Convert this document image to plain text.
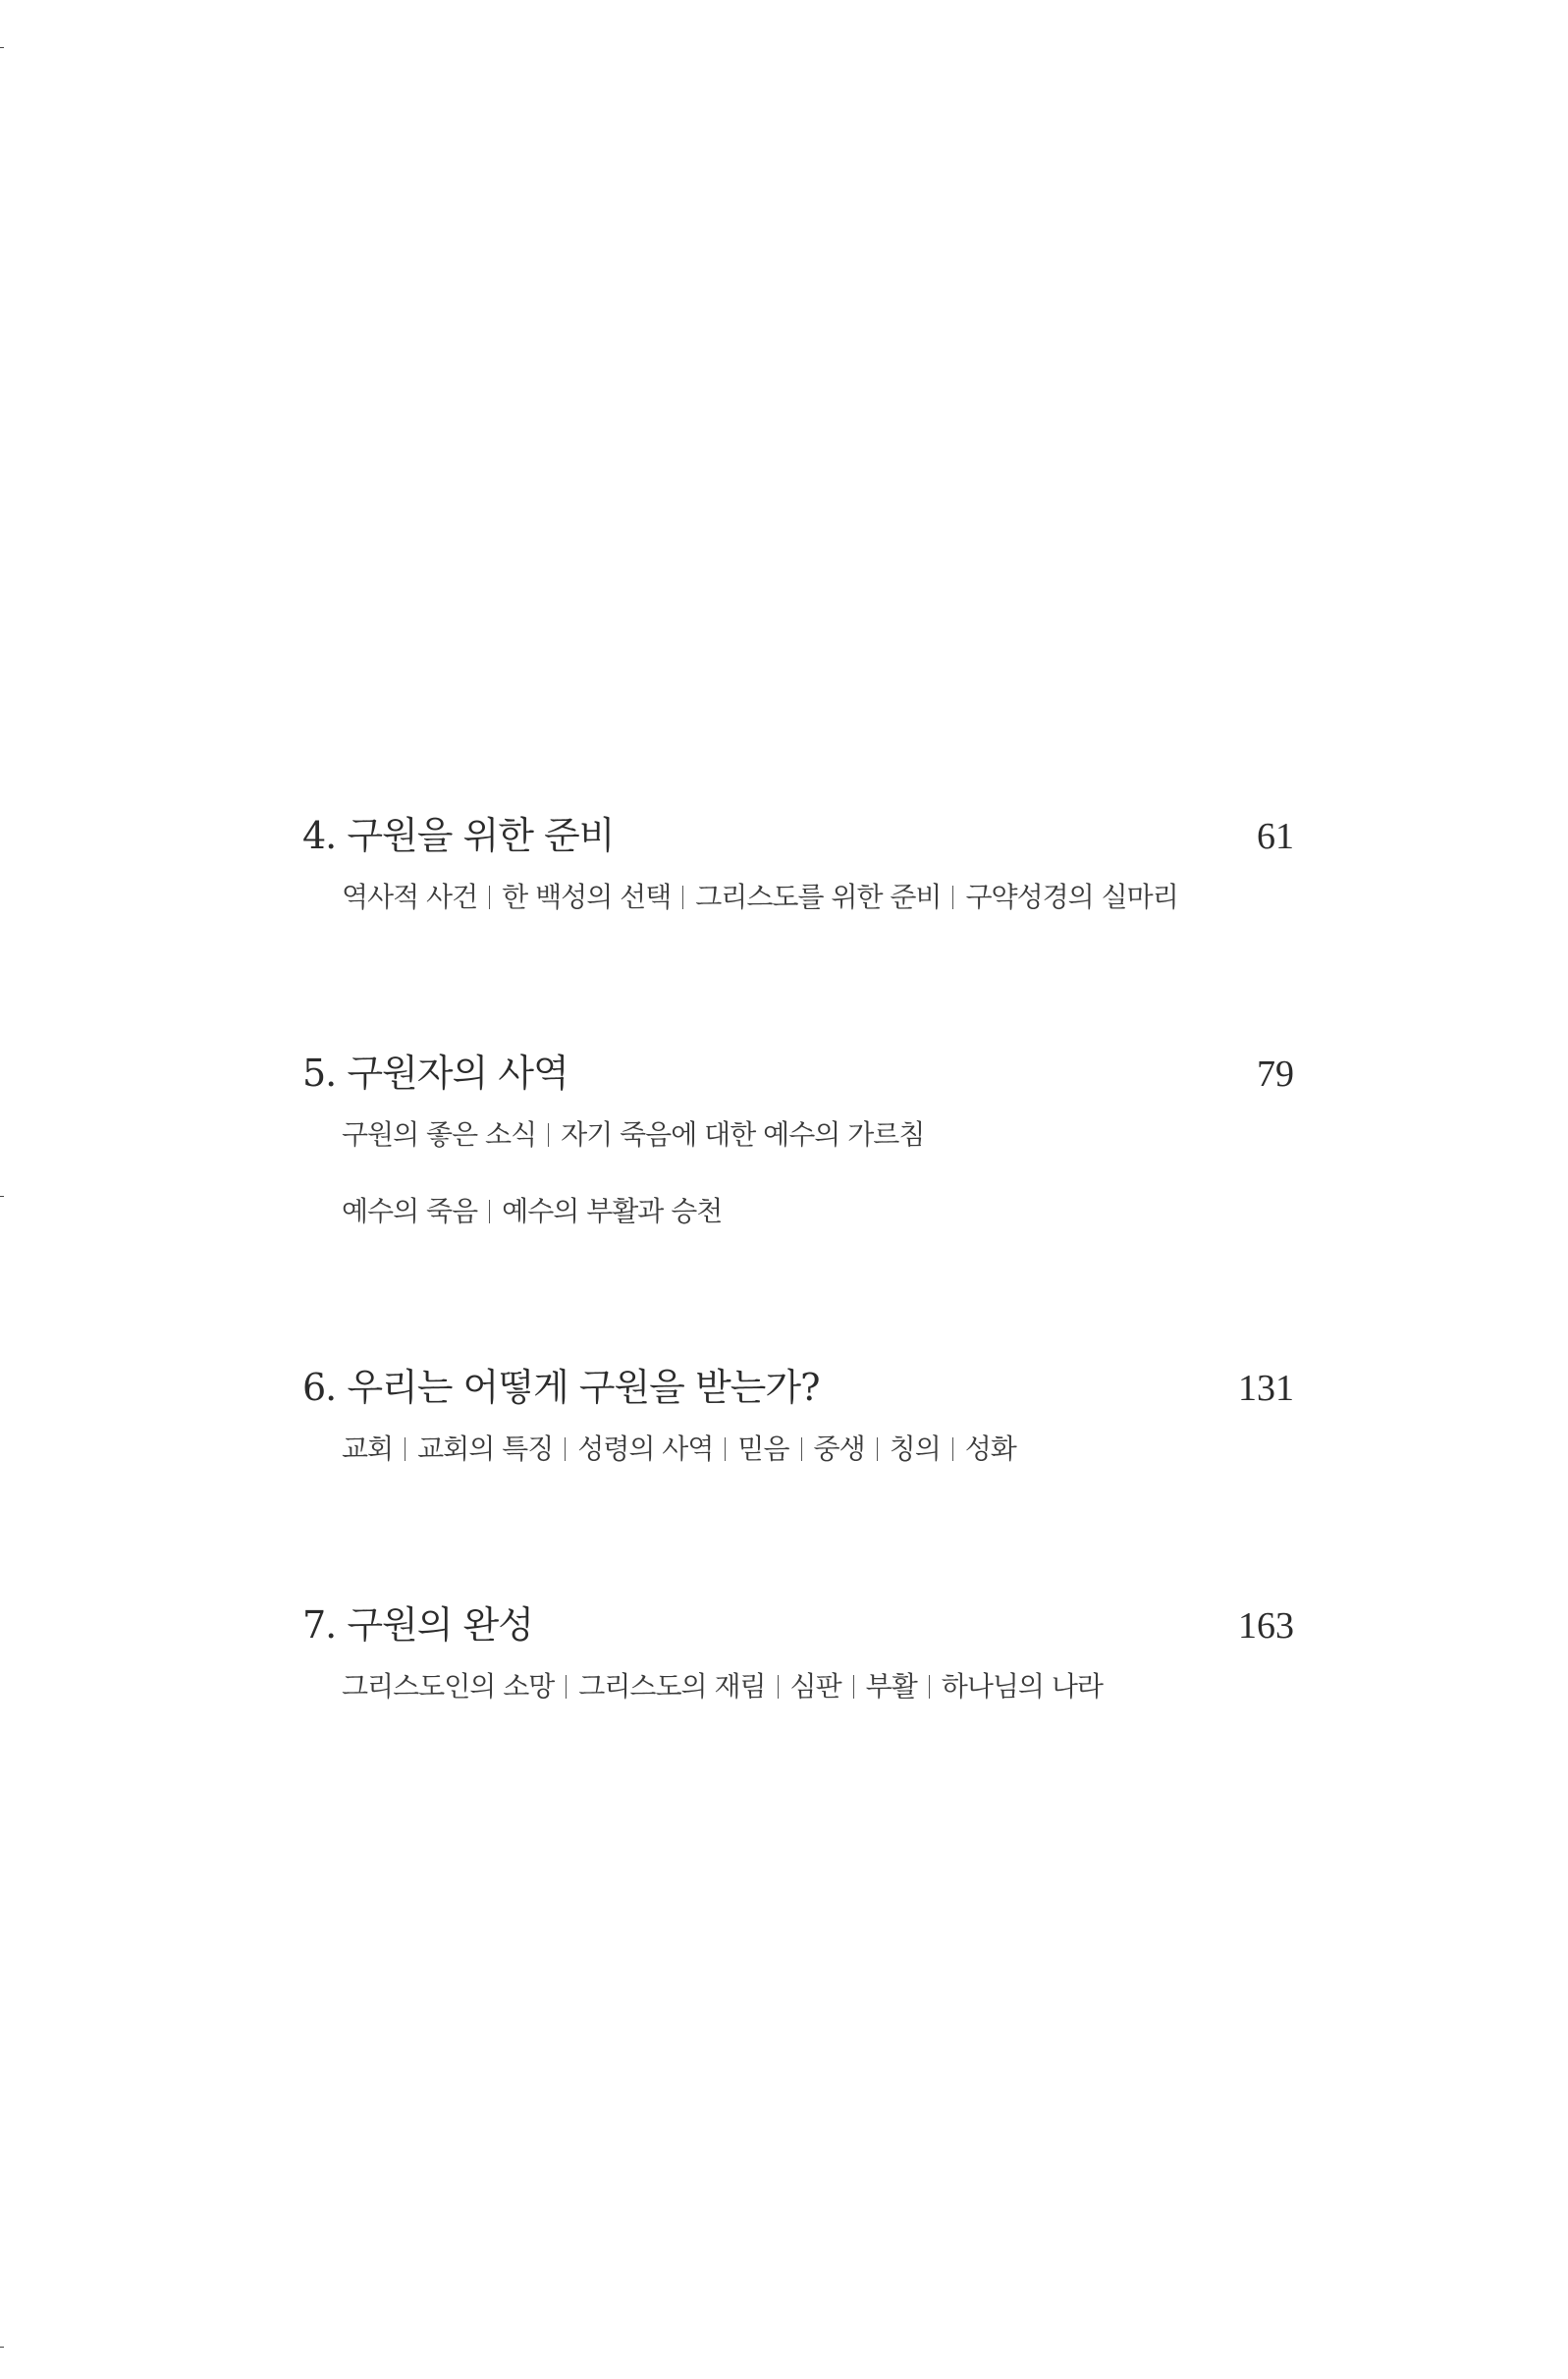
4. 구원을 위한 준비	61
역사적 사건 한 백성의 선택 그리스도를 위한 준비 구약성경의 실마리
5. 구원자의 사역	79
구원의 좋은 소식 자기 죽음에 대한 예수의 가르침
예수의 죽음 예수의 부활과 승천
6. 우리는 어떻게 구원을 받는가?	131
교회 교회의 특징 성령의 사역 믿음 중생 칭의 성화
7. 구원의 완성	163
그리스도인의 소망 그리스도의 재림 심판 부활 하나님의 나라
